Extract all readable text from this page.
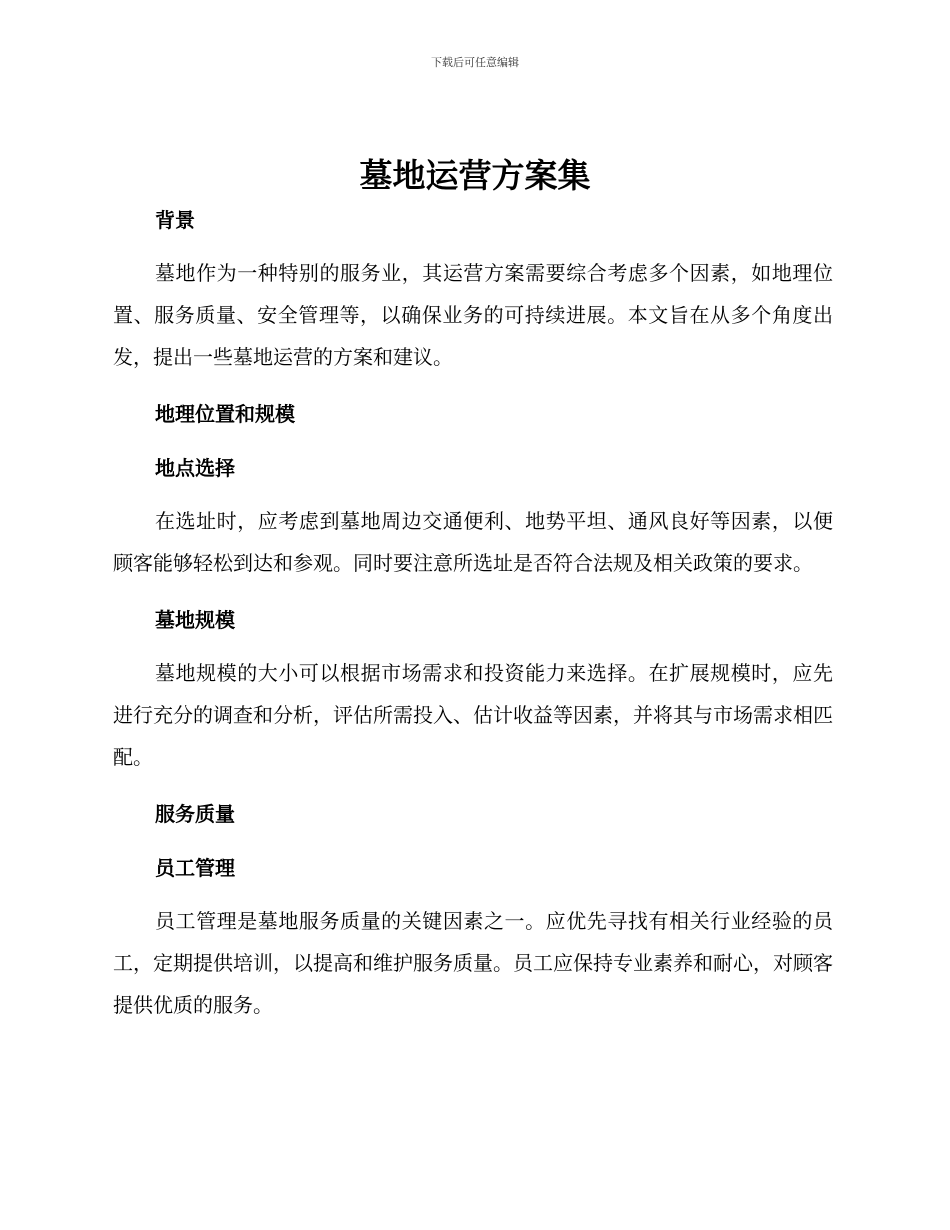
下载后可任意编辑
墓地运营方案集
背景

墓地作为一种特别的服务业，其运营方案需要综合考虑多个因素，如地理位置、服务质量、安全管理等，以确保业务的可持续进展。本文旨在从多个角度出发，提出一些墓地运营的方案和建议。

地理位置和规模
地点选择

在选址时，应考虑到墓地周边交通便利、地势平坦、通风良好等因素，以便顾客能够轻松到达和参观。同时要注意所选址是否符合法规及相关政策的要求。

墓地规模

墓地规模的大小可以根据市场需求和投资能力来选择。在扩展规模时，应先进行充分的调查和分析，评估所需投入、估计收益等因素，并将其与市场需求相匹配。

服务质量
员工管理

员工管理是墓地服务质量的关键因素之一。应优先寻找有相关行业经验的员工，定期提供培训，以提高和维护服务质量。员工应保持专业素养和耐心，对顾客提供优质的服务。
